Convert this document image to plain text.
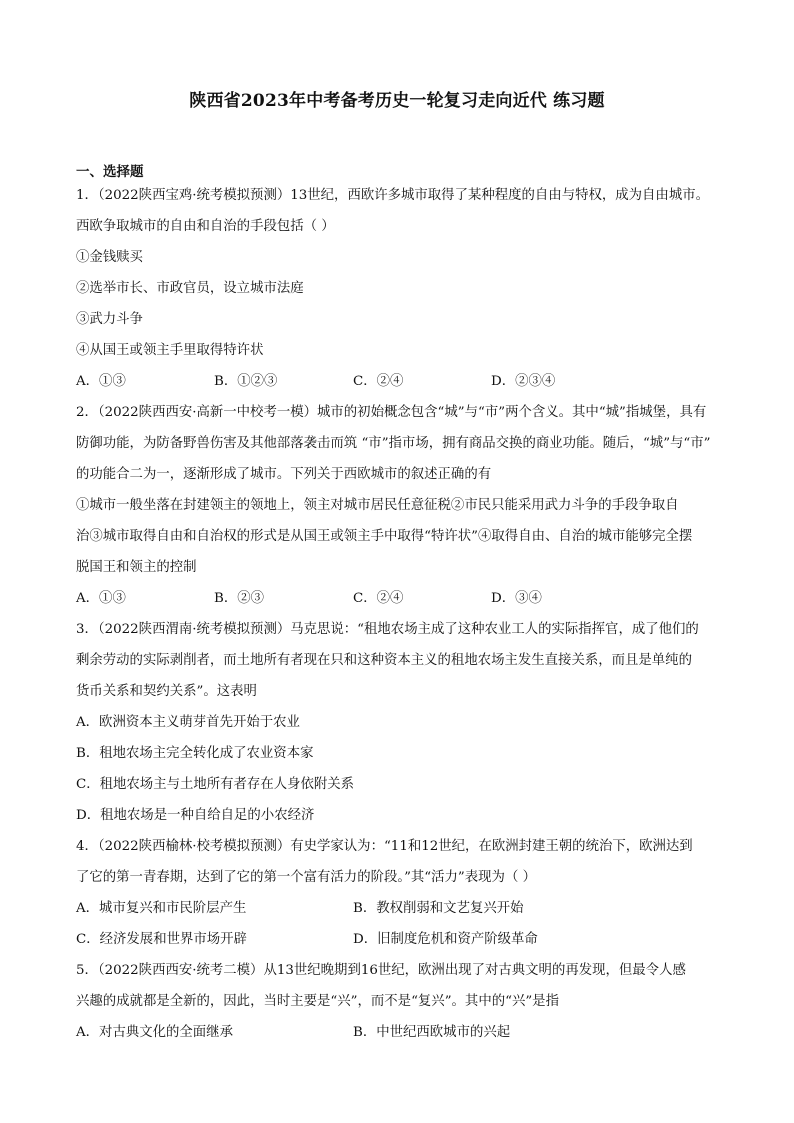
陕西省2023年中考备考历史一轮复习走向近代 练习题
一、选择题
1．（2022陕西宝鸡·统考模拟预测）13世纪，西欧许多城市取得了某种程度的自由与特权，成为自由城市。
西欧争取城市的自由和自治的手段包括（ ）
①金钱赎买
②选举市长、市政官员，设立城市法庭
③武力斗争
④从国王或领主手里取得特许状
A．①③	B．①②③	C．②④	D．②③④
2．（2022陕西西安·高新一中校考一模）城市的初始概念包含“城”与“市”两个含义。其中“城”指城堡，具有
防御功能，为防备野兽伤害及其他部落袭击而筑 “市”指市场，拥有商品交换的商业功能。随后，“城”与“市”
的功能合二为一，逐渐形成了城市。下列关于西欧城市的叙述正确的有
①城市一般坐落在封建领主的领地上，领主对城市居民任意征税②市民只能采用武力斗争的手段争取自
治③城市取得自由和自治权的形式是从国王或领主手中取得“特许状”④取得自由、自治的城市能够完全摆
脱国王和领主的控制
A．①③	B．②③	C．②④	D．③④
3．（2022陕西渭南·统考模拟预测）马克思说：“租地农场主成了这种农业工人的实际指挥官，成了他们的
剩余劳动的实际剥削者，而土地所有者现在只和这种资本主义的租地农场主发生直接关系，而且是单纯的
货币关系和契约关系”。这表明
A．欧洲资本主义萌芽首先开始于农业
B．租地农场主完全转化成了农业资本家
C．租地农场主与土地所有者存在人身依附关系
D．租地农场是一种自给自足的小农经济
4．（2022陕西榆林·校考模拟预测）有史学家认为：“11和12世纪，在欧洲封建王朝的统治下，欧洲达到
了它的第一青春期，达到了它的第一个富有活力的阶段。”其“活力”表现为（ ）
A．城市复兴和市民阶层产生	B．教权削弱和文艺复兴开始
C．经济发展和世界市场开辟	D．旧制度危机和资产阶级革命
5．（2022陕西西安·统考二模）从13世纪晚期到16世纪，欧洲出现了对古典文明的再发现，但最令人感
兴趣的成就都是全新的，因此，当时主要是“兴”，而不是“复兴”。其中的“兴”是指
A．对古典文化的全面继承	B．中世纪西欧城市的兴起
